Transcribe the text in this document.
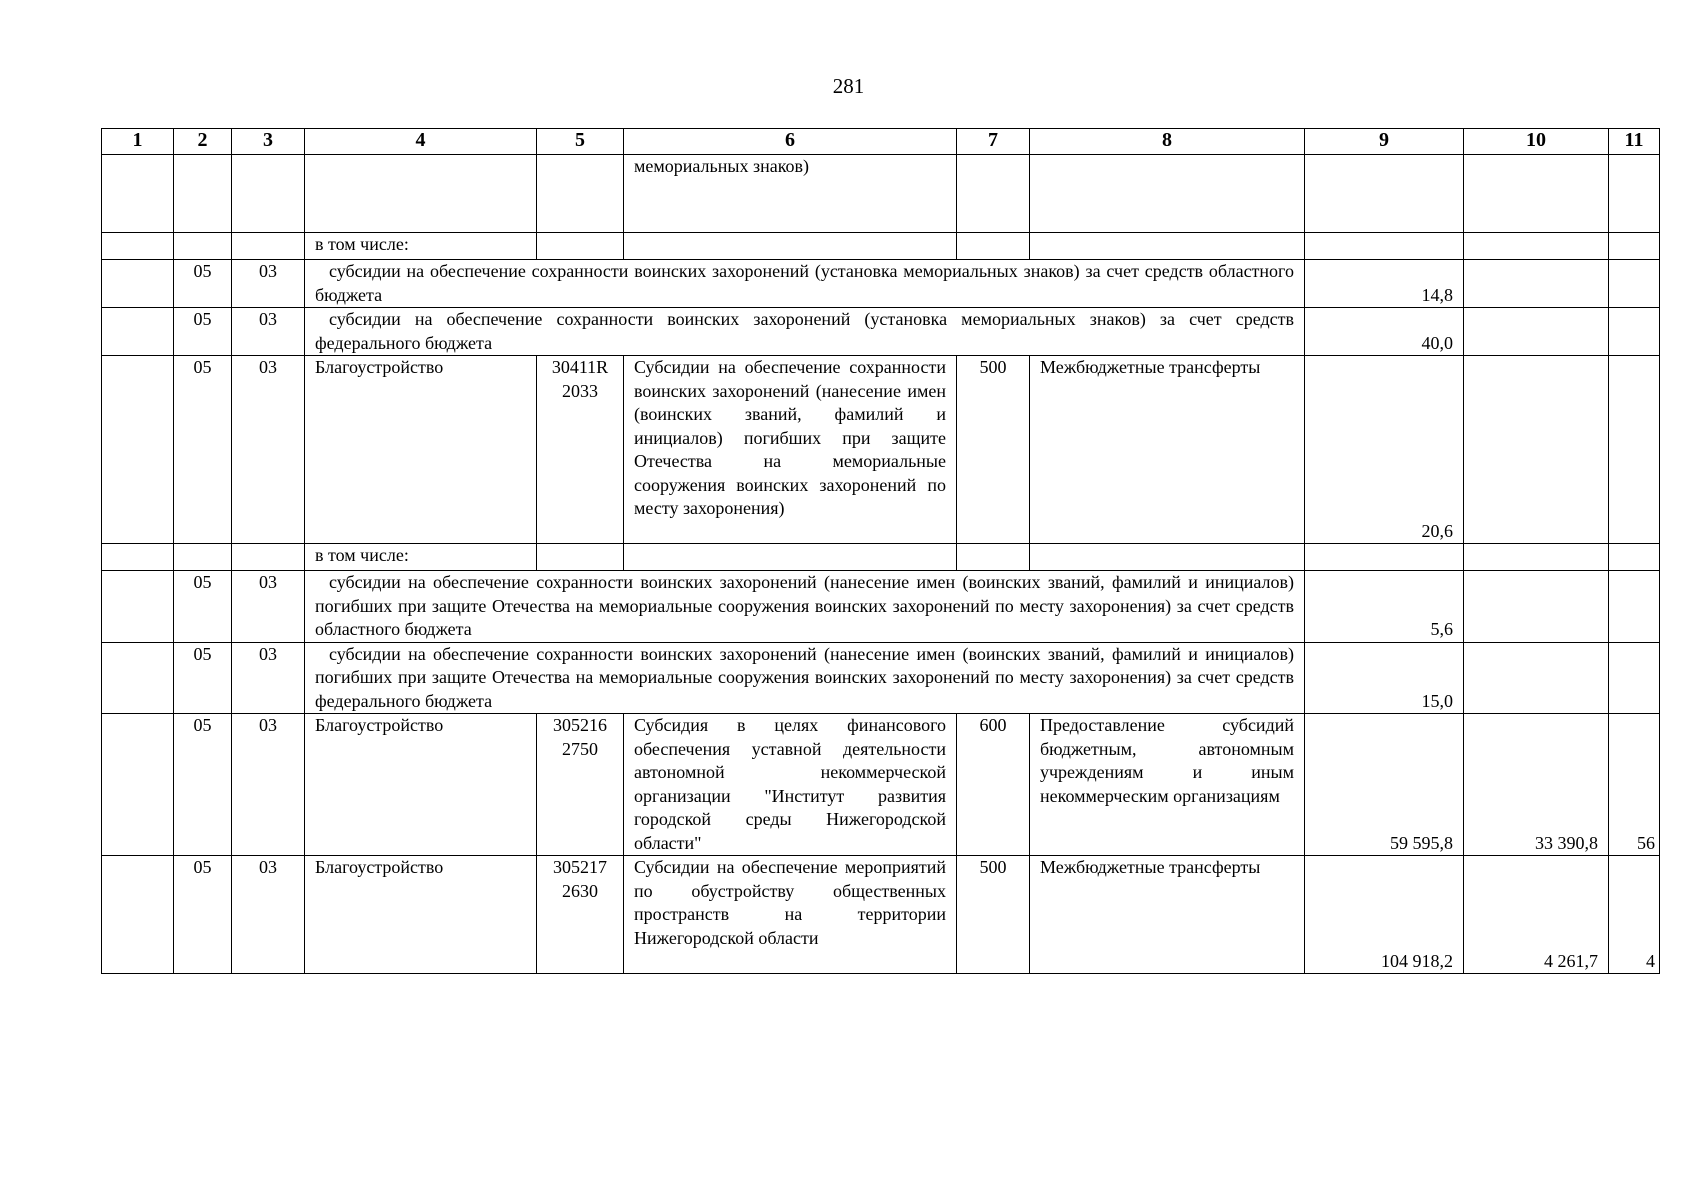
281
1	2	3	4	5	6	7	8	9	10	11
					мемориальных знаков)					
			в том числе:							
	05	03	субсидии на обеспечение сохранности воинских захоронений (установка мемориальных знаков) за счет средств областного бюджета					14,8		
	05	03	субсидии на обеспечение сохранности воинских захоронений (установка мемориальных знаков) за счет средств федерального бюджета					40,0		
	05	03	Благоустройство	30411R 2033	Субсидии на обеспечение сохранности воинских захоронений (нанесение имен (воинских званий, фамилий и инициалов) погибших при защите Отечества на мемориальные сооружения воинских захоронений по месту захоронения)	500	Межбюджетные трансферты	20,6		
			в том числе:							
	05	03	субсидии на обеспечение сохранности воинских захоронений (нанесение имен (воинских званий, фамилий и инициалов) погибших при защите Отечества на мемориальные сооружения воинских захоронений по месту захоронения) за счет средств областного бюджета					5,6		
	05	03	субсидии на обеспечение сохранности воинских захоронений (нанесение имен (воинских званий, фамилий и инициалов) погибших при защите Отечества на мемориальные сооружения воинских захоронений по месту захоронения) за счет средств федерального бюджета					15,0		
	05	03	Благоустройство	305216 2750	Субсидия в целях финансового обеспечения уставной деятельности автономной некоммерческой организации "Институт развития городской среды Нижегородской области"	600	Предоставление субсидий бюджетным, автономным учреждениям и иным некоммерческим организациям	59 595,8	33 390,8	56
	05	03	Благоустройство	305217 2630	Субсидии на обеспечение мероприятий по обустройству общественных пространств на территории Нижегородской области	500	Межбюджетные трансферты	104 918,2	4 261,7	4
